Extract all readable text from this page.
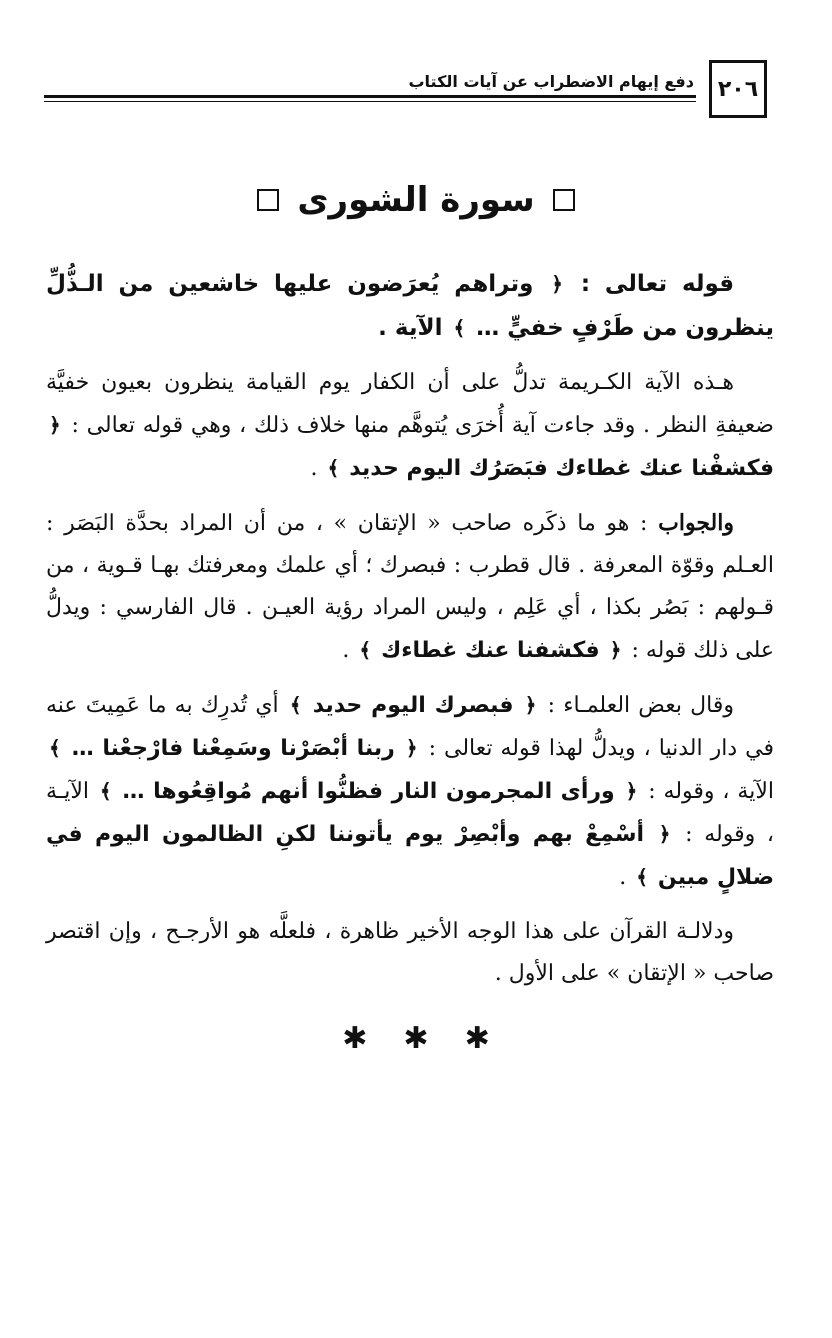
٢٠٦
دفع إيهام الاضطراب عن آيات الكتاب
سورة الشورى

قوله تعالى : ﴿ وتراهم يُعرَضون عليها خاشعين من الـذُّلِّ ينظرون من طَرْفٍ خفيٍّ … ﴾ الآية .

هـذه الآية الكـريمة تدلُّ على أن الكفار يوم القيامة ينظرون بعيون خفيَّة ضعيفةِ النظر . وقد جاءت آية أُخرَى يُتوهَّم منها خلاف ذلك ، وهي قوله تعالى : ﴿ فكشفْنا عنك غطاءك فبَصَرُك اليوم حديد ﴾ .

والجواب : هو ما ذكَره صاحب « الإتقان » ، من أن المراد بحدَّة البَصَر : العـلم وقوّة المعرفة . قال قطرب : فبصرك ؛ أي علمك ومعرفتك بهـا قـوية ، من قـولهم : بَصُر بكذا ، أي عَلِم ، وليس المراد رؤية العيـن . قال الفارسي : ويدلُّ على ذلك قوله : ﴿ فكشفنا عنك غطاءك ﴾ .

وقال بعض العلمـاء : ﴿ فبصرك اليوم حديد ﴾ أي تُدرِك به ما عَمِيتَ عنه في دار الدنيا ، ويدلُّ لهذا قوله تعالى : ﴿ ربنا أبْصَرْنا وسَمِعْنا فارْجعْنا … ﴾ الآية ، وقوله : ﴿ ورأى المجرمون النار فظنُّوا أنهم مُواقِعُوها … ﴾ الآيـة ، وقوله : ﴿ أسْمِعْ بهم وأبْصِرْ يوم يأتوننا لكنِ الظالمون اليوم في ضلالٍ مبين ﴾ .

ودلالـة القرآن على هذا الوجه الأخير ظاهرة ، فلعلَّه هو الأرجـح ، وإن اقتصر صاحب « الإتقان » على الأول .

✱ ✱ ✱
